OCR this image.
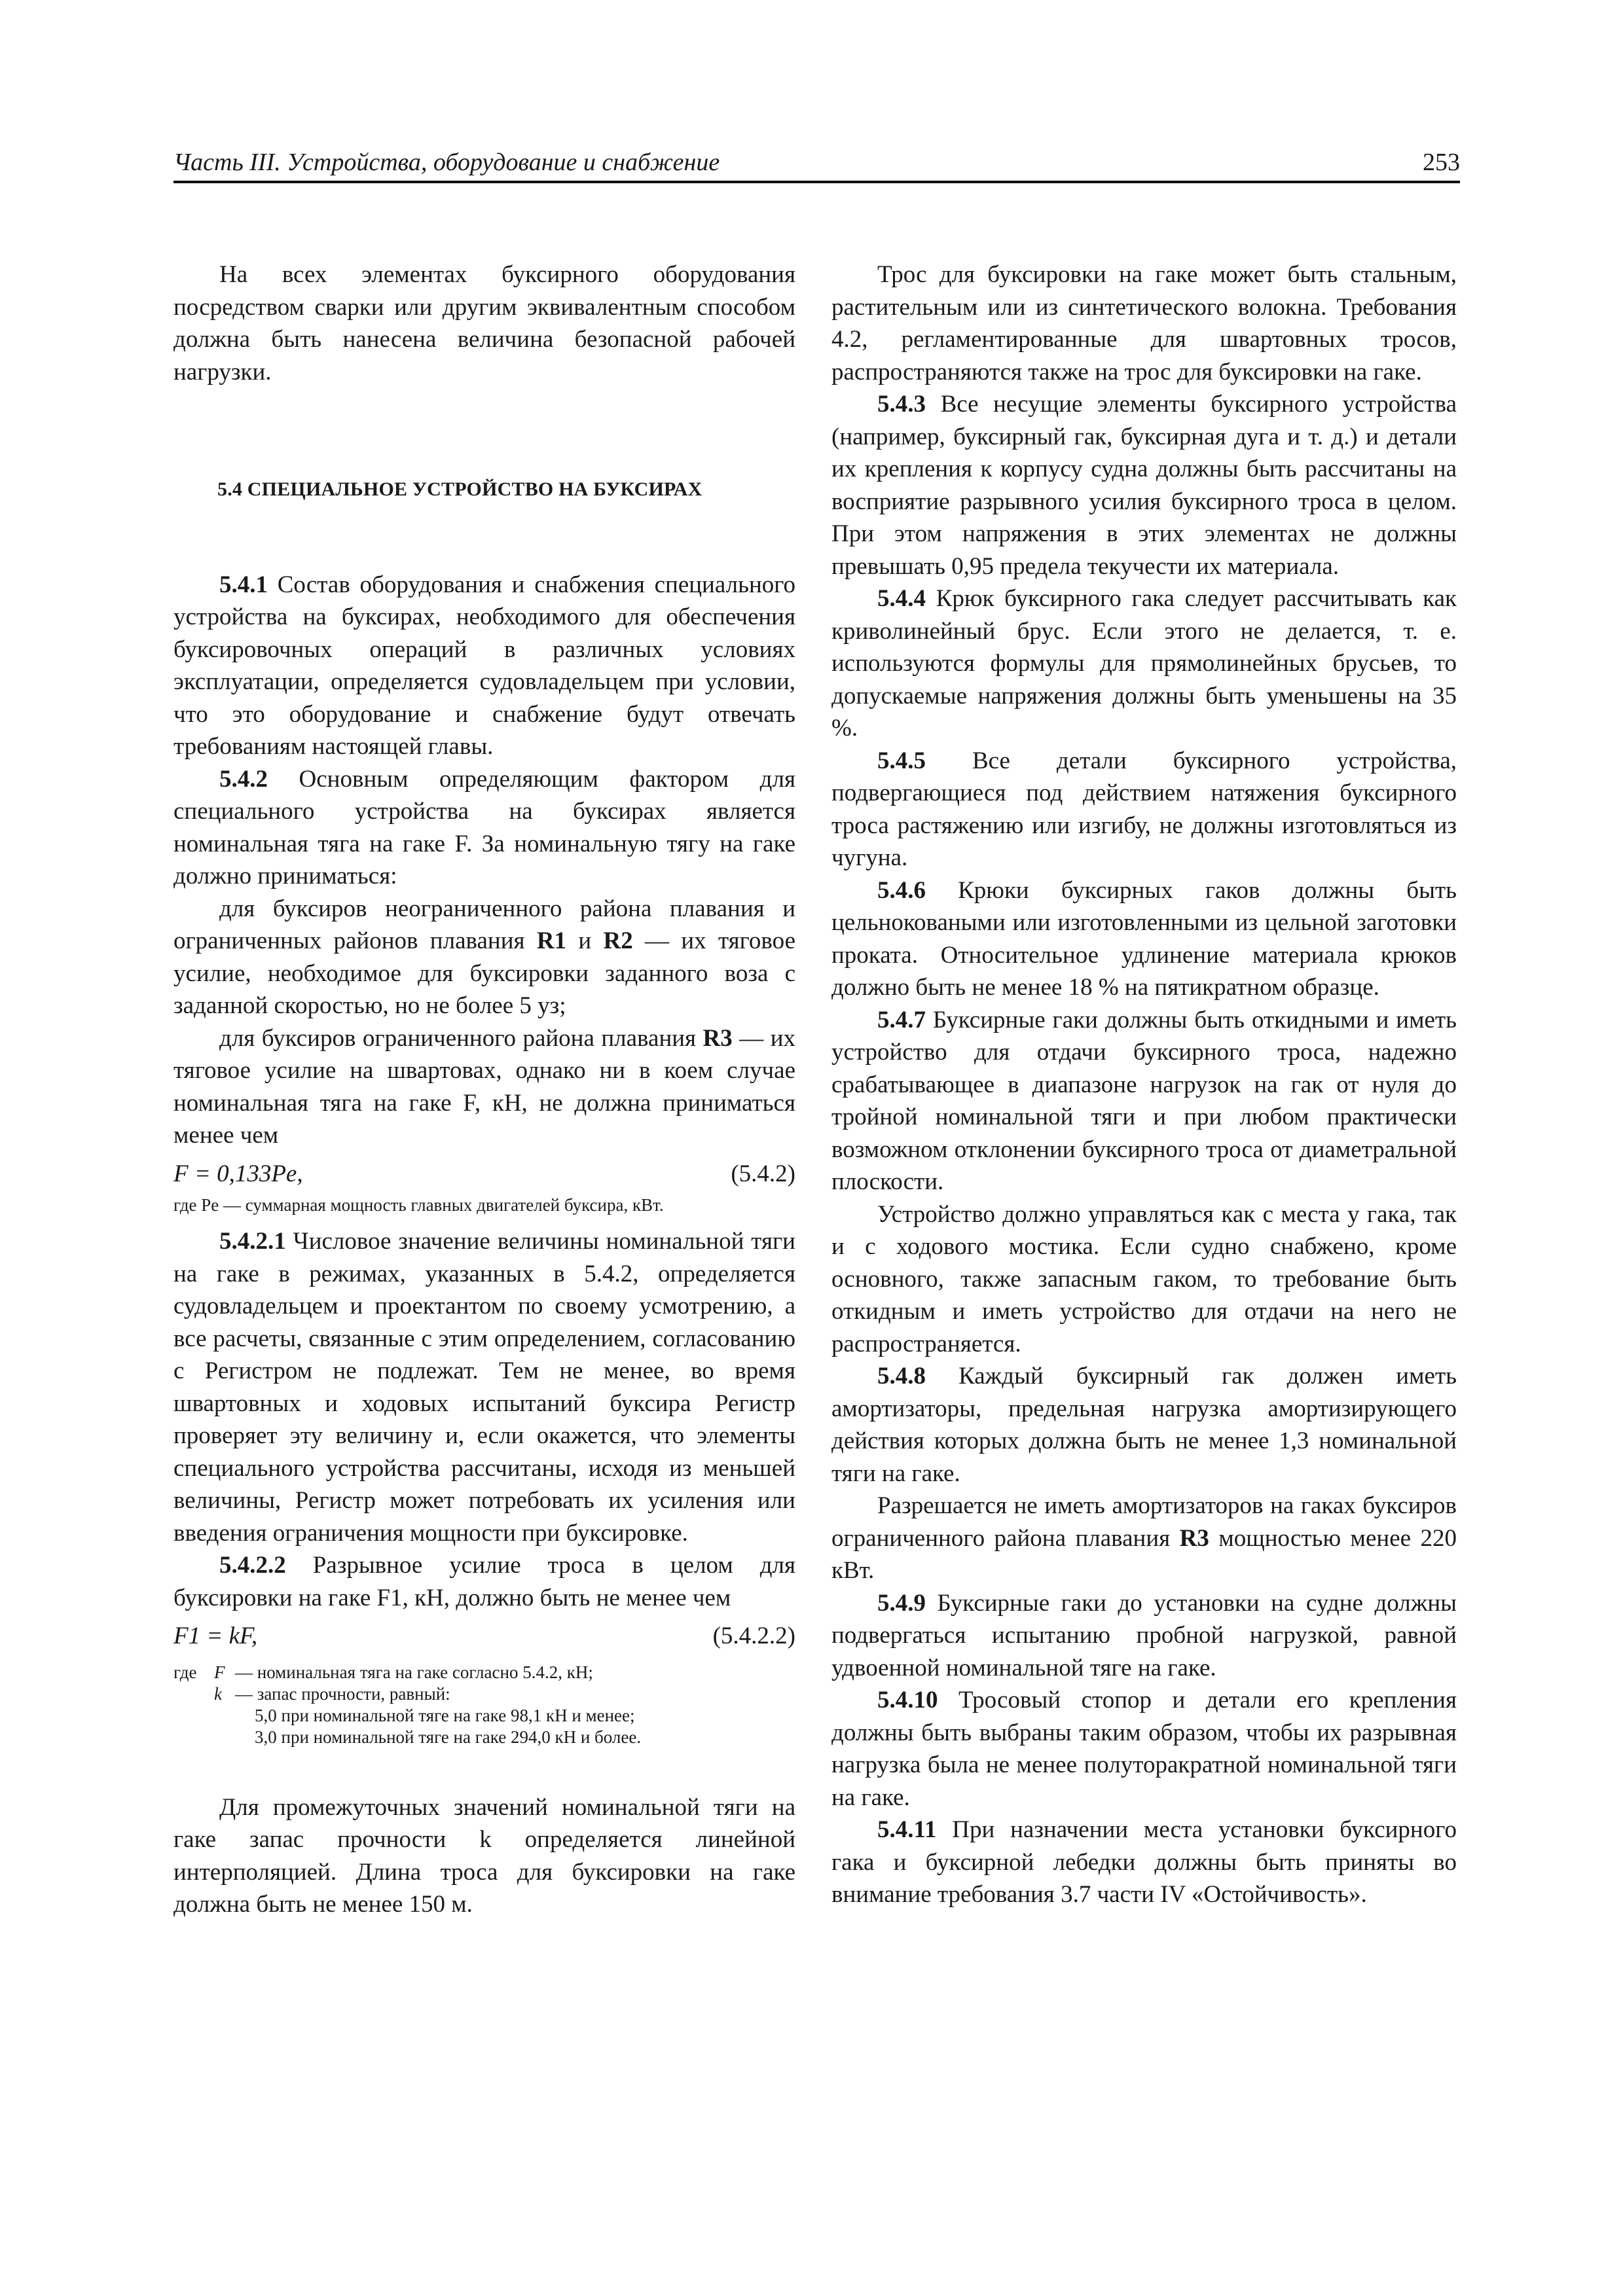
Часть III. Устройства, оборудование и снабжение	253

На всех элементах буксирного оборудования посредством сварки или другим эквивалентным способом должна быть нанесена величина безопасной рабочей нагрузки.

5.4 СПЕЦИАЛЬНОЕ УСТРОЙСТВО НА БУКСИРАХ

5.4.1 Состав оборудования и снабжения специального устройства на буксирах, необходимого для обеспечения буксировочных операций в различных условиях эксплуатации, определяется судовладельцем при условии, что это оборудование и снабжение будут отвечать требованиям настоящей главы.

5.4.2 Основным определяющим фактором для специального устройства на буксирах является номинальная тяга на гаке F. За номинальную тягу на гаке должно приниматься:

для буксиров неограниченного района плавания и ограниченных районов плавания R1 и R2 — их тяговое усилие, необходимое для буксировки заданного воза с заданной скоростью, но не более 5 уз;

для буксиров ограниченного района плавания R3 — их тяговое усилие на швартовах, однако ни в коем случае номинальная тяга на гаке F, кН, не должна приниматься менее чем

F = 0,133Pe,	(5.4.2)
где Pe — суммарная мощность главных двигателей буксира, кВт.

5.4.2.1 Числовое значение величины номинальной тяги на гаке в режимах, указанных в 5.4.2, определяется судовладельцем и проектантом по своему усмотрению, а все расчеты, связанные с этим определением, согласованию с Регистром не подлежат. Тем не менее, во время швартовных и ходовых испытаний буксира Регистр проверяет эту величину и, если окажется, что элементы специального устройства рассчитаны, исходя из меньшей величины, Регистр может потребовать их усиления или введения ограничения мощности при буксировке.

5.4.2.2 Разрывное усилие троса в целом для буксировки на гаке F1, кН, должно быть не менее чем

F1 = kF,	(5.4.2.2)
где F — номинальная тяга на гаке согласно 5.4.2, кН;
k — запас прочности, равный:
5,0 при номинальной тяге на гаке 98,1 кН и менее;
3,0 при номинальной тяге на гаке 294,0 кН и более.

Для промежуточных значений номинальной тяги на гаке запас прочности k определяется линейной интерполяцией. Длина троса для буксировки на гаке должна быть не менее 150 м.

Трос для буксировки на гаке может быть стальным, растительным или из синтетического волокна. Требования 4.2, регламентированные для швартовных тросов, распространяются также на трос для буксировки на гаке.

5.4.3 Все несущие элементы буксирного устройства (например, буксирный гак, буксирная дуга и т. д.) и детали их крепления к корпусу судна должны быть рассчитаны на восприятие разрывного усилия буксирного троса в целом. При этом напряжения в этих элементах не должны превышать 0,95 предела текучести их материала.

5.4.4 Крюк буксирного гака следует рассчитывать как криволинейный брус. Если этого не делается, т. е. используются формулы для прямолинейных брусьев, то допускаемые напряжения должны быть уменьшены на 35 %.

5.4.5 Все детали буксирного устройства, подвергающиеся под действием натяжения буксирного троса растяжению или изгибу, не должны изготовляться из чугуна.

5.4.6 Крюки буксирных гаков должны быть цельноковаными или изготовленными из цельной заготовки проката. Относительное удлинение материала крюков должно быть не менее 18 % на пятикратном образце.

5.4.7 Буксирные гаки должны быть откидными и иметь устройство для отдачи буксирного троса, надежно срабатывающее в диапазоне нагрузок на гак от нуля до тройной номинальной тяги и при любом практически возможном отклонении буксирного троса от диаметральной плоскости.

Устройство должно управляться как с места у гака, так и с ходового мостика. Если судно снабжено, кроме основного, также запасным гаком, то требование быть откидным и иметь устройство для отдачи на него не распространяется.

5.4.8 Каждый буксирный гак должен иметь амортизаторы, предельная нагрузка амортизирующего действия которых должна быть не менее 1,3 номинальной тяги на гаке.

Разрешается не иметь амортизаторов на гаках буксиров ограниченного района плавания R3 мощностью менее 220 кВт.

5.4.9 Буксирные гаки до установки на судне должны подвергаться испытанию пробной нагрузкой, равной удвоенной номинальной тяге на гаке.

5.4.10 Тросовый стопор и детали его крепления должны быть выбраны таким образом, чтобы их разрывная нагрузка была не менее полуторакратной номинальной тяги на гаке.

5.4.11 При назначении места установки буксирного гака и буксирной лебедки должны быть приняты во внимание требования 3.7 части IV «Остойчивость».
